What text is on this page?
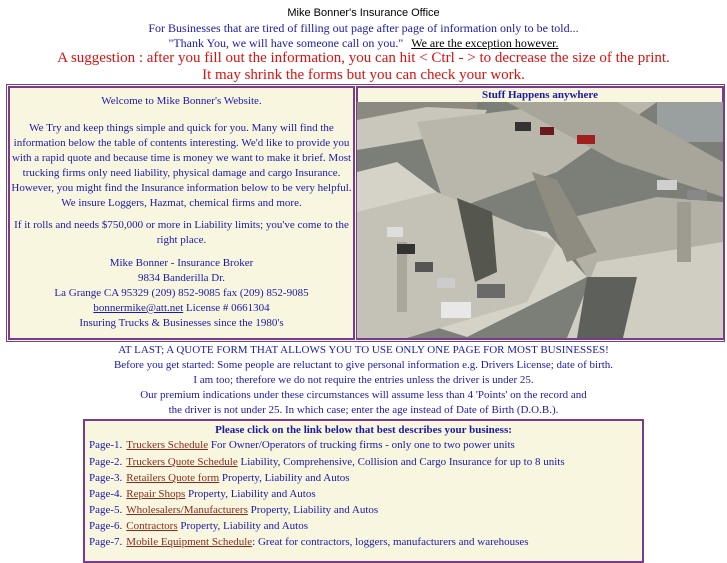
Mike Bonner's Insurance Office
For Businesses that are tired of filling out page after page of information only to be told...
"Thank You, we will have someone call on you." We are the exception however.
A suggestion : after you fill out the information, you can hit < Ctrl - > to decrease the size of the print.
It may shrink the forms but you can check your work.
Welcome to Mike Bonner's Website.
We Try and keep things simple and quick for you. Many will find the
information below the table of contents interesting. We'd like to provide you
with a rapid quote and because time is money we want to make it brief. Most
trucking firms only need liability, physical damage and cargo Insurance.
However, you might find the Insurance information below to be very helpful.
We insure Loggers, Hazmat, chemical firms and more.
If it rolls and needs $750,000 or more in Liability limits; you've come to the
right place.
Mike Bonner - Insurance Broker
9834 Banderilla Dr.
La Grange CA 95329 (209) 852-9085 fax (209) 852-9085
bonnermike@att.net License # 0661304
Insuring Trucks & Businesses since the 1980's
Stuff Happens anywhere
AT LAST; A QUOTE FORM THAT ALLOWS YOU TO USE ONLY ONE PAGE FOR MOST BUSINESSES!
Before you get started: Some people are reluctant to give personal information e.g. Drivers License; date of birth.
I am too; therefore we do not require the entries unless the driver is under 25.
Our premium indications under these circumstances will assume less than 4 'Points' on the record and
the driver is not under 25. In which case; enter the age instead of Date of Birth (D.O.B.).
Please click on the link below that best describes your business:
Page-1. Truckers Schedule For Owner/Operators of trucking firms - only one to two power units
Page-2. Truckers Quote Schedule Liability, Comprehensive, Collision and Cargo Insurance for up to 8 units
Page-3. Retailers Quote form Property, Liability and Autos
Page-4. Repair Shops Property, Liability and Autos
Page-5. Wholesalers/Manufacturers Property, Liability and Autos
Page-6. Contractors Property, Liability and Autos
Page-7. Mobile Equipment Schedule: Great for contractors, loggers, manufacturers and warehouses
